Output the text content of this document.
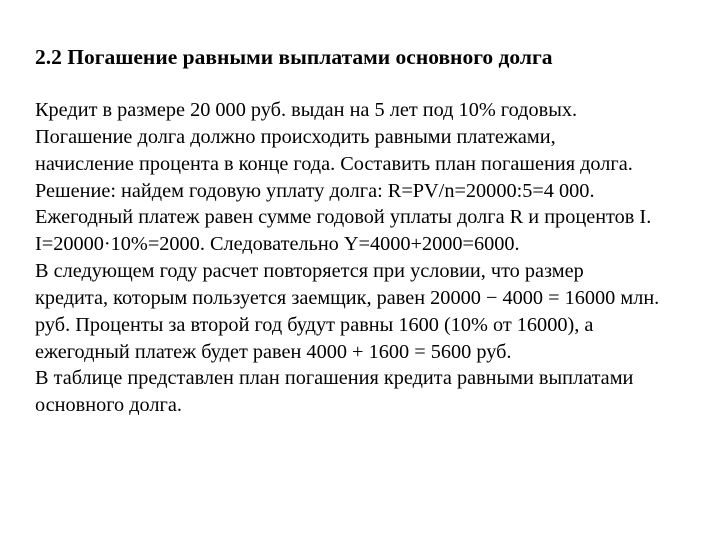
2.2 Погашение равными выплатами основного долга
Кредит в размере 20 000 руб. выдан на 5 лет под 10% годовых.
Погашение долга должно происходить равными платежами,
начисление процента в конце года. Составить план погашения долга.
Решение: найдем годовую уплату долга: R=PV/n=20000:5=4 000.
Ежегодный платеж равен сумме годовой уплаты долга R и процентов I.
I=20000·10%=2000. Следовательно Y=4000+2000=6000.
В следующем году расчет повторяется при условии, что размер
кредита, которым пользуется заемщик, равен 20000 − 4000 = 16000 млн.
руб. Проценты за второй год будут равны 1600 (10% от 16000), а
ежегодный платеж будет равен 4000 + 1600 = 5600 руб.
В таблице представлен план погашения кредита равными выплатами
основного долга.
